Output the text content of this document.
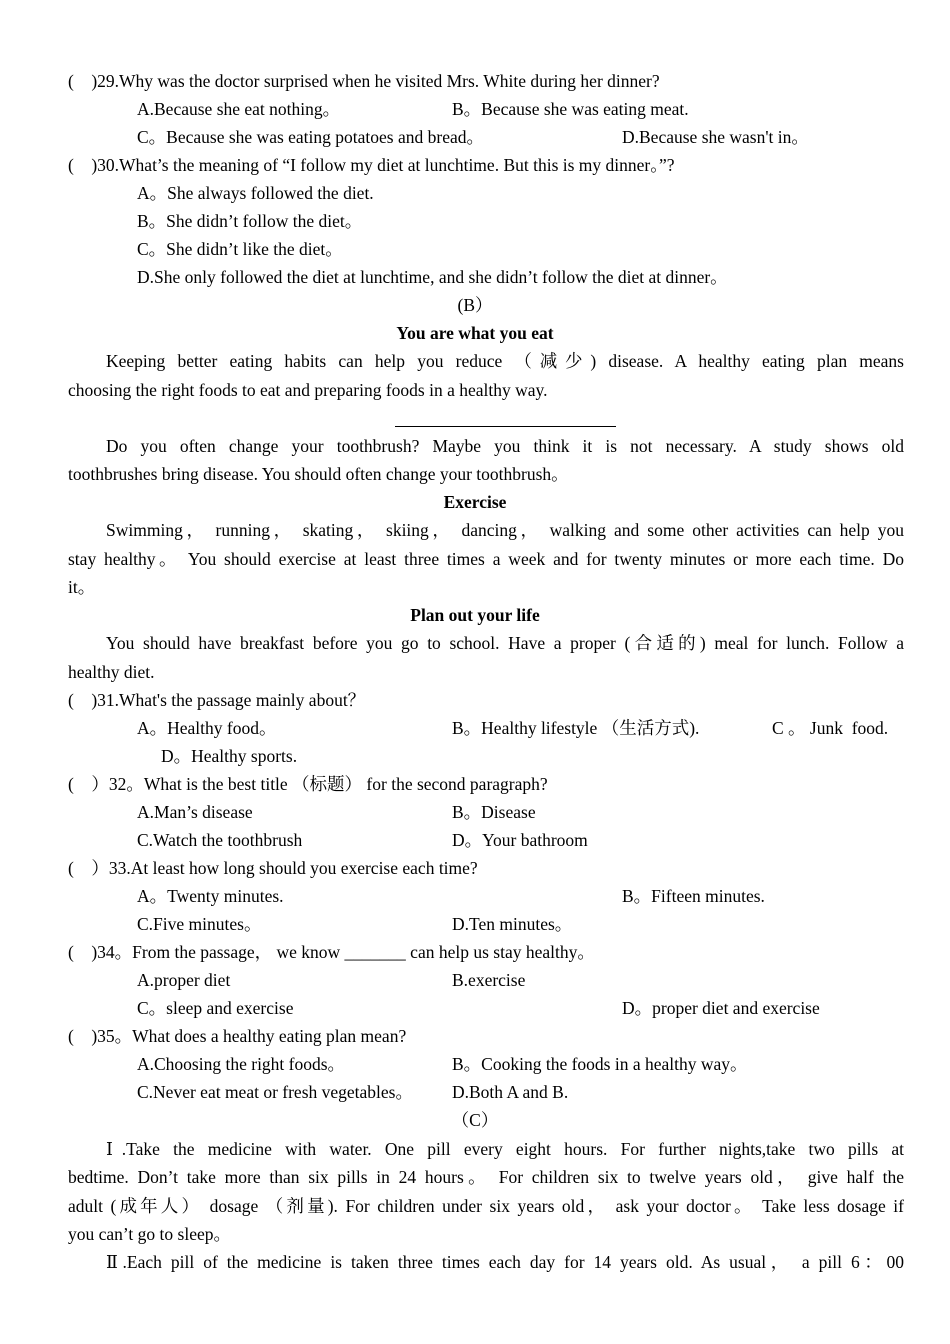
(　)29.Why was the doctor surprised when he visited Mrs. White during her dinner?
A.Because she eat nothing。	B。Because she was eating meat.
C。Because she was eating potatoes and bread。	D.Because she wasn't in。
(　)30.What’s the meaning of “I follow my diet at lunchtime. But this is my dinner。”?
A。She always followed the diet.
B。She didn’t follow the diet。
C。She didn’t like the diet。
D.She only followed the diet at lunchtime, and she didn’t follow the diet at dinner。
(B）
You are what you eat
Keeping better eating habits can help you reduce （减少) disease. A healthy eating plan means
choosing the right foods to eat and preparing foods in a healthy way.
Do you often change your toothbrush? Maybe you think it is not necessary. A study shows old
toothbrushes bring disease. You should often change your toothbrush。
Exercise
Swimming， running， skating， skiing， dancing， walking and some other activities can help you
stay healthy。 You should exercise at least three times a week and for twenty minutes or more each time. Do
it。
Plan out your life
You should have breakfast before you go to school. Have a proper (合适的) meal for lunch. Follow a
healthy diet.
(　)31.What's the passage mainly about？
A。Healthy food。	B。Healthy lifestyle （生活方式).	C 。 Junk  food.
D。Healthy sports.
(　）32。What is the best title （标题） for the second paragraph?
A.Man’s disease	B。Disease
C.Watch the toothbrush	D。Your bathroom
(　）33.At least how long should you exercise each time?
A。Twenty minutes.	B。Fifteen minutes.
C.Five minutes。	D.Ten minutes。
(　)34。From the passage， we know _______ can help us stay healthy。
A.proper diet	B.exercise
C。sleep and exercise	D。proper diet and exercise
(　)35。What does a healthy eating plan mean?
A.Choosing the right foods。	B。Cooking the foods in a healthy way。
C.Never eat meat or fresh vegetables。 D.Both A and B.
（C）
Ⅰ.Take the medicine with water. One pill every eight hours. For further nights,take two pills at
bedtime. Don’t take more than six pills in 24 hours。 For children six to twelve years old， give half the
adult (成年人） dosage （剂量). For children under six years old， ask your doctor。 Take less dosage if
you can’t go to sleep。
Ⅱ.Each pill of the medicine is taken three times each day for 14 years old. As usual， a pill 6：00
